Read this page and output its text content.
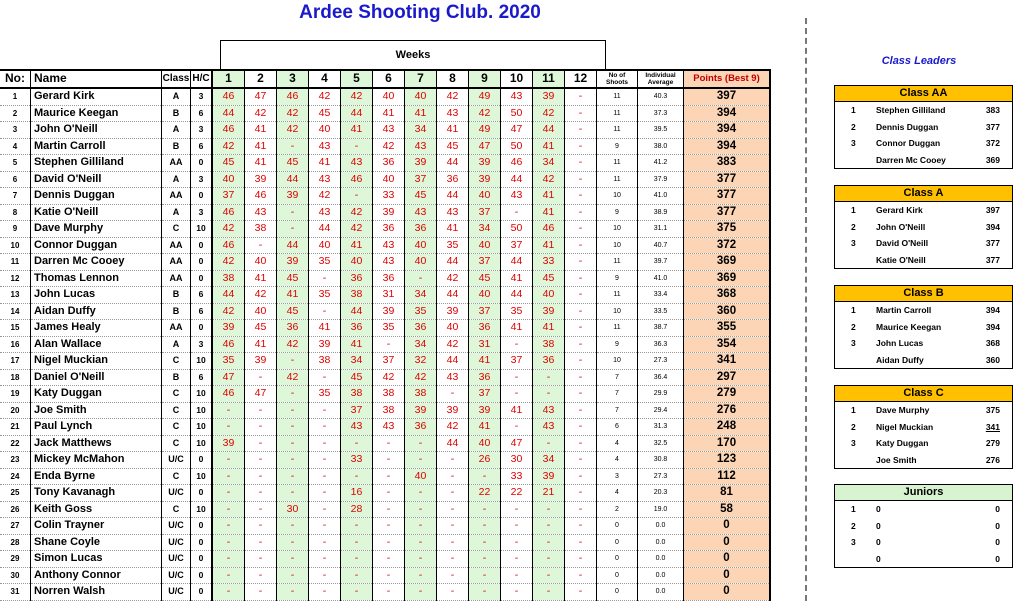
Ardee Shooting Club. 2020
Weeks
No:	Name	Class	H/C	1	2	3	4	5	6	7	8	9	10	11	12	No of Shoots	Individual Average	Points (Best 9)
1	Gerard Kirk	A	3	46	47	46	42	42	40	40	42	49	43	39	-	11	40.3	397
2	Maurice Keegan	B	6	44	42	42	45	44	41	41	43	42	50	42	-	11	37.3	394
3	John O'Neill	A	3	46	41	42	40	41	43	34	41	49	47	44	-	11	39.5	394
4	Martin Carroll	B	6	42	41	-	43	-	42	43	45	47	50	41	-	9	38.0	394
5	Stephen Gilliland	AA	0	45	41	45	41	43	36	39	44	39	46	34	-	11	41.2	383
6	David O'Neill	A	3	40	39	44	43	46	40	37	36	39	44	42	-	11	37.9	377
7	Dennis Duggan	AA	0	37	46	39	42	-	33	45	44	40	43	41	-	10	41.0	377
8	Katie O'Neill	A	3	46	43	-	43	42	39	43	43	37	-	41	-	9	38.9	377
9	Dave Murphy	C	10	42	38	-	44	42	36	36	41	34	50	46	-	10	31.1	375
10	Connor Duggan	AA	0	46	-	44	40	41	43	40	35	40	37	41	-	10	40.7	372
11	Darren Mc Cooey	AA	0	42	40	39	35	40	43	40	44	37	44	33	-	11	39.7	369
12	Thomas Lennon	AA	0	38	41	45	-	36	36	-	42	45	41	45	-	9	41.0	369
13	John Lucas	B	6	44	42	41	35	38	31	34	44	40	44	40	-	11	33.4	368
14	Aidan Duffy	B	6	42	40	45	-	44	39	35	39	37	35	39	-	10	33.5	360
15	James Healy	AA	0	39	45	36	41	36	35	36	40	36	41	41	-	11	38.7	355
16	Alan Wallace	A	3	46	41	42	39	41	-	34	42	31	-	38	-	9	36.3	354
17	Nigel Muckian	C	10	35	39	-	38	34	37	32	44	41	37	36	-	10	27.3	341
18	Daniel O'Neill	B	6	47	-	42	-	45	42	42	43	36	-	-	-	7	36.4	297
19	Katy Duggan	C	10	46	47	-	35	38	38	38	-	37	-	-	-	7	29.9	279
20	Joe Smith	C	10	-	-	-	-	37	38	39	39	39	41	43	-	7	29.4	276
21	Paul Lynch	C	10	-	-	-	-	43	43	36	42	41	-	43	-	6	31.3	248
22	Jack Matthews	C	10	39	-	-	-	-	-	-	44	40	47	-	-	4	32.5	170
23	Mickey McMahon	U/C	0	-	-	-	-	33	-	-	-	26	30	34	-	4	30.8	123
24	Enda Byrne	C	10	-	-	-	-	-	-	40	-	-	33	39	-	3	27.3	112
25	Tony Kavanagh	U/C	0	-	-	-	-	16	-	-	-	22	22	21	-	4	20.3	81
26	Keith Goss	C	10	-	-	30	-	28	-	-	-	-	-	-	-	2	19.0	58
27	Colin Trayner	U/C	0	-	-	-	-	-	-	-	-	-	-	-	-	0	0.0	0
28	Shane Coyle	U/C	0	-	-	-	-	-	-	-	-	-	-	-	-	0	0.0	0
29	Simon Lucas	U/C	0	-	-	-	-	-	-	-	-	-	-	-	-	0	0.0	0
30	Anthony Connor	U/C	0	-	-	-	-	-	-	-	-	-	-	-	-	0	0.0	0
31	Norren Walsh	U/C	0	-	-	-	-	-	-	-	-	-	-	-	-	0	0.0	0
Class Leaders
Class AA
1	Stephen Gilliland	383
2	Dennis Duggan	377
3	Connor Duggan	372
Darren Mc Cooey	369
Class A
1	Gerard Kirk	397
2	John O'Neill	394
3	David O'Neill	377
Katie O'Neill	377
Class B
1	Martin Carroll	394
2	Maurice Keegan	394
3	John Lucas	368
Aidan Duffy	360
Class C
1	Dave Murphy	375
2	Nigel Muckian	341
3	Katy Duggan	279
Joe Smith	276
Juniors
1	0	0
2	0	0
3	0	0
0	0
